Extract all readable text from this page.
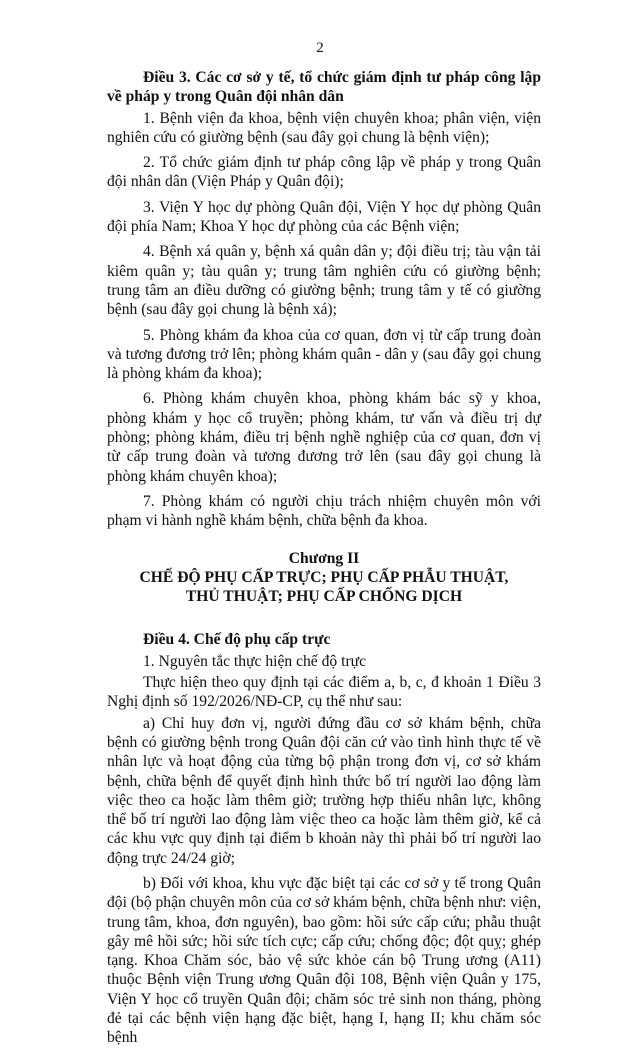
2

Điều 3. Các cơ sở y tế, tổ chức giám định tư pháp công lập về pháp y trong Quân đội nhân dân

1. Bệnh viện đa khoa, bệnh viện chuyên khoa; phân viện, viện nghiên cứu có giường bệnh (sau đây gọi chung là bệnh viện);

2. Tổ chức giám định tư pháp công lập về pháp y trong Quân đội nhân dân (Viện Pháp y Quân đội);

3. Viện Y học dự phòng Quân đội, Viện Y học dự phòng Quân đội phía Nam; Khoa Y học dự phòng của các Bệnh viện;

4. Bệnh xá quân y, bệnh xá quân dân y; đội điều trị; tàu vận tải kiêm quân y; tàu quân y; trung tâm nghiên cứu có giường bệnh; trung tâm an điều dưỡng có giường bệnh; trung tâm y tế có giường bệnh (sau đây gọi chung là bệnh xá);

5. Phòng khám đa khoa của cơ quan, đơn vị từ cấp trung đoàn và tương đương trở lên; phòng khám quân - dân y (sau đây gọi chung là phòng khám đa khoa);

6. Phòng khám chuyên khoa, phòng khám bác sỹ y khoa, phòng khám y học cổ truyền; phòng khám, tư vấn và điều trị dự phòng; phòng khám, điều trị bệnh nghề nghiệp của cơ quan, đơn vị từ cấp trung đoàn và tương đương trở lên (sau đây gọi chung là phòng khám chuyên khoa);

7. Phòng khám có người chịu trách nhiệm chuyên môn với phạm vi hành nghề khám bệnh, chữa bệnh đa khoa.

Chương II
CHẾ ĐỘ PHỤ CẤP TRỰC; PHỤ CẤP PHẪU THUẬT,
THỦ THUẬT; PHỤ CẤP CHỐNG DỊCH

Điều 4. Chế độ phụ cấp trực

1. Nguyên tắc thực hiện chế độ trực

Thực hiện theo quy định tại các điểm a, b, c, đ khoản 1 Điều 3 Nghị định số 192/2026/NĐ-CP, cụ thể như sau:

a) Chỉ huy đơn vị, người đứng đầu cơ sở khám bệnh, chữa bệnh có giường bệnh trong Quân đội căn cứ vào tình hình thực tế về nhân lực và hoạt động của từng bộ phận trong đơn vị, cơ sở khám bệnh, chữa bệnh để quyết định hình thức bố trí người lao động làm việc theo ca hoặc làm thêm giờ; trường hợp thiếu nhân lực, không thể bố trí người lao động làm việc theo ca hoặc làm thêm giờ, kể cả các khu vực quy định tại điểm b khoản này thì phải bố trí người lao động trực 24/24 giờ;

b) Đối với khoa, khu vực đặc biệt tại các cơ sở y tế trong Quân đội (bộ phận chuyên môn của cơ sở khám bệnh, chữa bệnh như: viện, trung tâm, khoa, đơn nguyên), bao gồm: hồi sức cấp cứu; phẫu thuật gây mê hồi sức; hồi sức tích cực; cấp cứu; chống độc; đột quỵ; ghép tạng. Khoa Chăm sóc, bảo vệ sức khỏe cán bộ Trung ương (A11) thuộc Bệnh viện Trung ương Quân đội 108, Bệnh viện Quân y 175, Viện Y học cổ truyền Quân đội; chăm sóc trẻ sinh non tháng, phòng đẻ tại các bệnh viện hạng đặc biệt, hạng I, hạng II; khu chăm sóc bệnh
